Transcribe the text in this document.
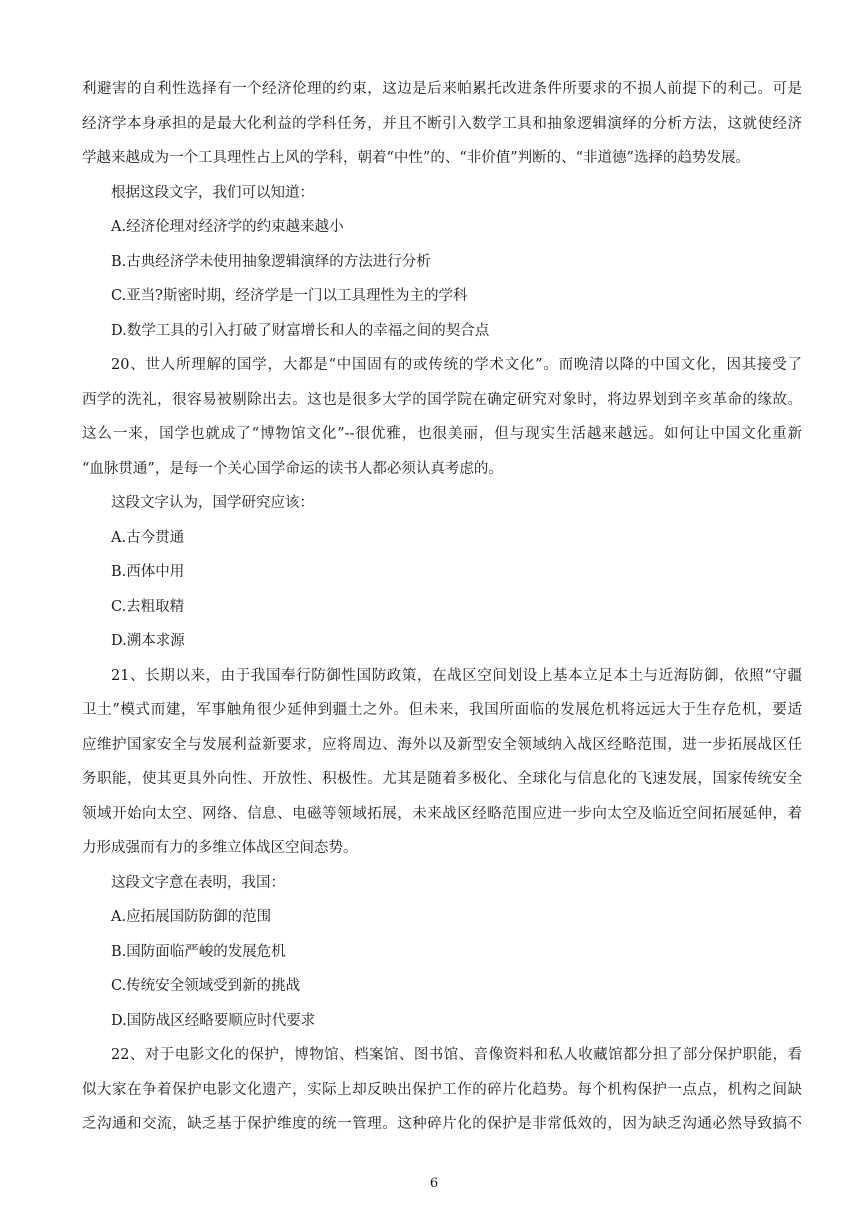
利避害的自利性选择有一个经济伦理的约束，这边是后来帕累托改进条件所要求的不损人前提下的利己。可是
经济学本身承担的是最大化利益的学科任务，并且不断引入数学工具和抽象逻辑演绎的分析方法，这就使经济
学越来越成为一个工具理性占上风的学科，朝着“中性”的、“非价值”判断的、“非道德”选择的趋势发展。
根据这段文字，我们可以知道：
A.经济伦理对经济学的约束越来越小
B.古典经济学未使用抽象逻辑演绎的方法进行分析
C.亚当?斯密时期，经济学是一门以工具理性为主的学科
D.数学工具的引入打破了财富增长和人的幸福之间的契合点
20、世人所理解的国学，大都是“中国固有的或传统的学术文化”。而晚清以降的中国文化，因其接受了
西学的洗礼，很容易被剔除出去。这也是很多大学的国学院在确定研究对象时，将边界划到辛亥革命的缘故。
这么一来，国学也就成了“博物馆文化”--很优雅，也很美丽，但与现实生活越来越远。如何让中国文化重新
“血脉贯通”，是每一个关心国学命运的读书人都必须认真考虑的。
这段文字认为，国学研究应该：
A.古今贯通
B.西体中用
C.去粗取精
D.溯本求源
21、长期以来，由于我国奉行防御性国防政策，在战区空间划设上基本立足本土与近海防御，依照“守疆
卫土”模式而建，军事触角很少延伸到疆土之外。但未来，我国所面临的发展危机将远远大于生存危机，要适
应维护国家安全与发展利益新要求，应将周边、海外以及新型安全领域纳入战区经略范围，进一步拓展战区任
务职能，使其更具外向性、开放性、积极性。尤其是随着多极化、全球化与信息化的飞速发展，国家传统安全
领域开始向太空、网络、信息、电磁等领域拓展，未来战区经略范围应进一步向太空及临近空间拓展延伸，着
力形成强而有力的多维立体战区空间态势。
这段文字意在表明，我国：
A.应拓展国防防御的范围
B.国防面临严峻的发展危机
C.传统安全领域受到新的挑战
D.国防战区经略要顺应时代要求
22、对于电影文化的保护，博物馆、档案馆、图书馆、音像资料和私人收藏馆都分担了部分保护职能，看
似大家在争着保护电影文化遗产，实际上却反映出保护工作的碎片化趋势。每个机构保护一点点，机构之间缺
乏沟通和交流，缺乏基于保护维度的统一管理。这种碎片化的保护是非常低效的，因为缺乏沟通必然导致搞不
6
